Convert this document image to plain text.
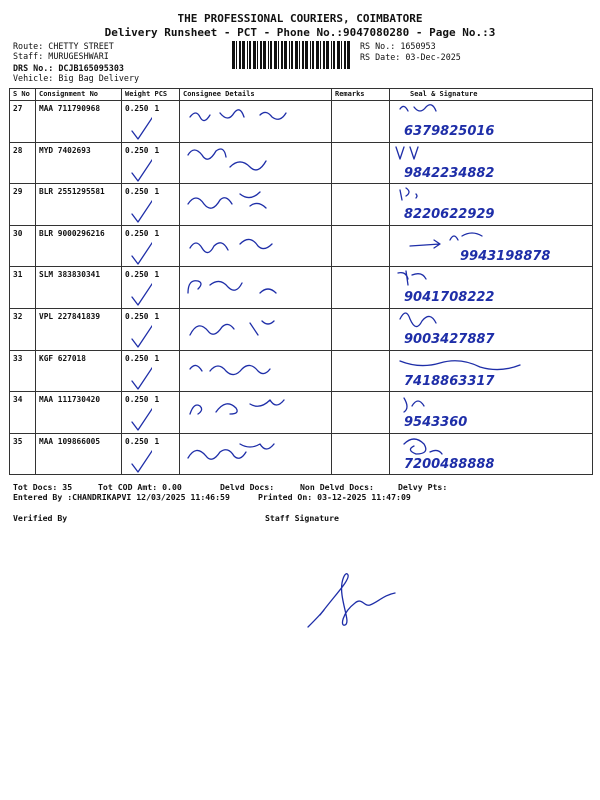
THE PROFESSIONAL COURIERS, COIMBATORE
Delivery Runsheet - PCT - Phone No.:9047080280 - Page No.:3
Route: CHETTY STREET
Staff: MURUGESHWARI
DRS No.: DCJB165095303
Vehicle: Big Bag Delivery
RS No.: 1650953
RS Date: 03-Dec-2025
S No	Consignment No	Weight	PCS	Consignee Details	Remarks	Seal & Signature
27	MAA 711790968	0.250	1			6379825016

28	MYD 7402693	0.250	1			9842234882

29	BLR 2551295581	0.250	1			8220622929

30	BLR 9000296216	0.250	1			9943198878

31	SLM 383830341	0.250	1			9041708222

32	VPL 227841839	0.250	1			9003427887

33	KGF 627018	0.250	1			7418863317

34	MAA 111730420	0.250	1			9543360

35	MAA 109866005	0.250	1			7200488888
Tot Docs: 35	Tot COD Amt: 0.00	Delvd Docs:	Non Delvd Docs:	Delvy Pts:
Entered By :CHANDRIKAPVI 12/03/2025 11:46:59	Printed On: 03-12-2025 11:47:09
Verified By	Staff Signature
